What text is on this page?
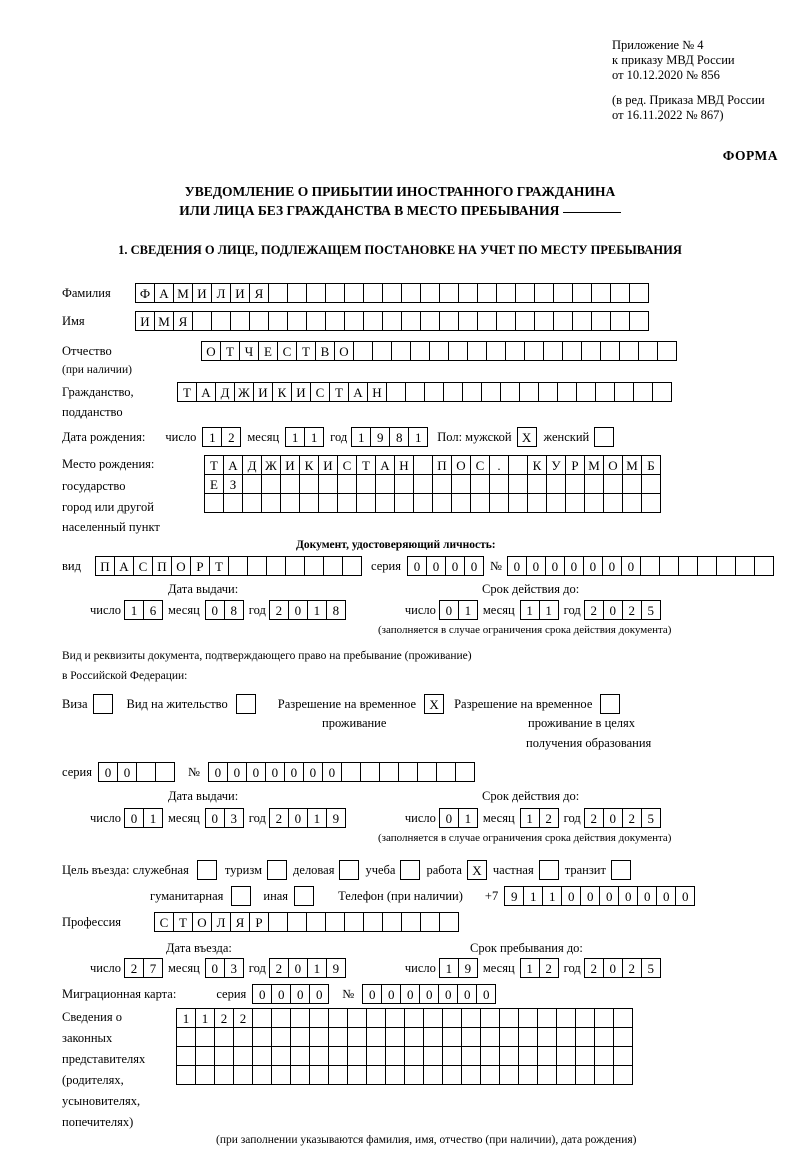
Приложение № 4
к приказу МВД России
от 10.12.2020 № 856
(в ред. Приказа МВД России
от 16.11.2022 № 867)
ФОРМА
УВЕДОМЛЕНИЕ О ПРИБЫТИИ ИНОСТРАННОГО ГРАЖДАНИНА
ИЛИ ЛИЦА БЕЗ ГРАЖДАНСТВА В МЕСТО ПРЕБЫВАНИЯ
1. СВЕДЕНИЯ О ЛИЦЕ, ПОДЛЕЖАЩЕМ ПОСТАНОВКЕ НА УЧЕТ ПО МЕСТУ ПРЕБЫВАНИЯ
Фамилия	Ф А М И Л И Я
Имя	И М Я
Отчество	О Т Ч Е С Т В О
(при наличии)
Гражданство,	Т А Д Ж И К И С Т А Н
подданство
Дата рождения: число 1 2	месяц 1 1	год 1 9 8 1	Пол: мужской Х женский
Место рождения:
государство
город или другой
населенный пункт
Т А Д Ж И К И С Т А Н	П О С	.	К У Р М О М Б
Е З
Документ, удостоверяющий личность:
вид	П А С П О Р Т	серия 0 0 0 0	№ 0 0 0 0 0 0 0
Дата выдачи:	Срок действия до:
число 1 6 месяц 0 8 год 2 0 1 8	число 0 1 месяц 1 1 год 2 0 2 5
(заполняется в случае ограничения срока действия документа)
Вид и реквизиты документа, подтверждающего право на пребывание (проживание)
в Российской Федерации:
Виза	Вид на жительство	Разрешение на временное	Х	Разрешение на временное
проживание	проживание в целях
получения образования
серия 0 0	№	0 0 0 0 0 0 0
Дата выдачи:	Срок действия до:
число 0 1 месяц 0 3 год 2 0 1 9	число 0 1 месяц 1 2 год 2 0 2 5
(заполняется в случае ограничения срока действия документа)
Цель въезда: служебная	туризм деловая учеба работа Х частная транзит
гуманитарная	иная	Телефон (при наличии) +7 9 1 1 0 0 0 0 0 0 0
Профессия	С Т О Л Я Р
Дата въезда:	Срок пребывания до:
число 2 7 месяц 0 3 год 2 0 1 9	число 1 9 месяц 1 2 год 2 0 2 5
Миграционная карта:	серия 0 0 0 0	№	0 0 0 0 0 0 0
Сведения о
законных
представителях
(родителях,
усыновителях,
попечителях)
1 1 2 2
(при заполнении указываются фамилия, имя, отчество (при наличии), дата рождения)
